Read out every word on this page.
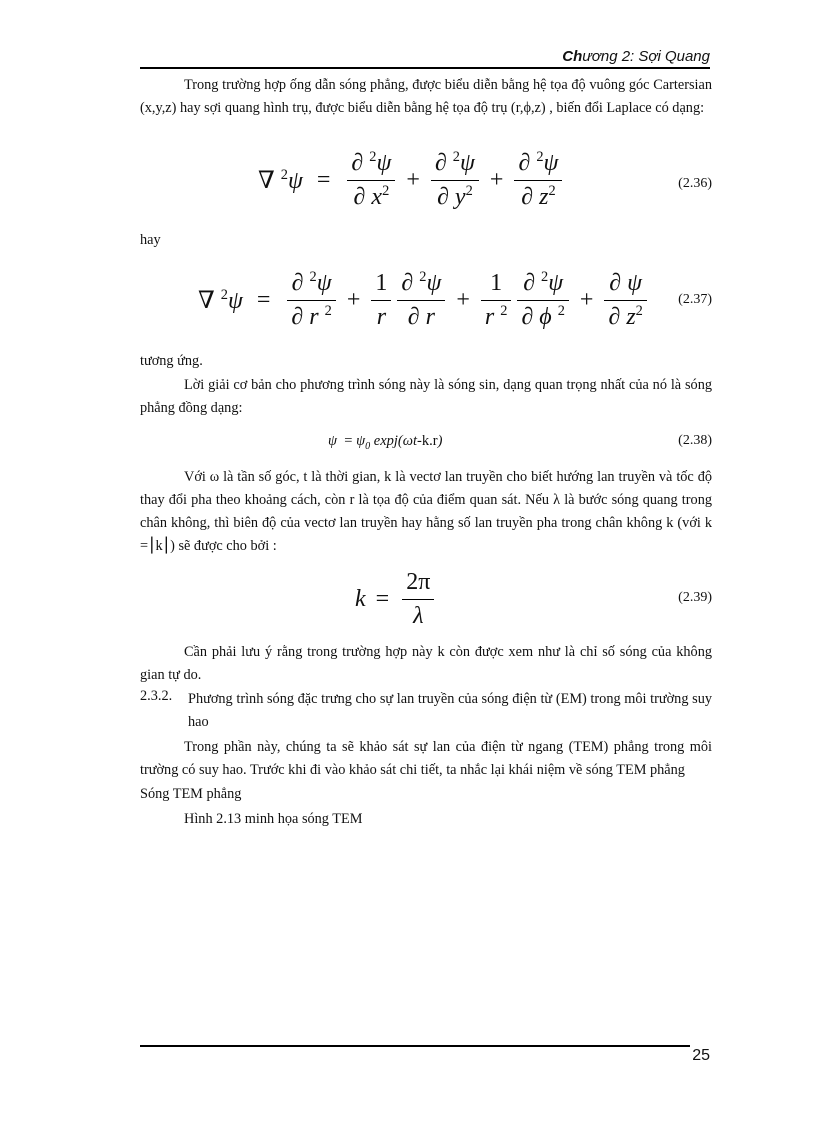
Chương 2: Sợi Quang
Trong trường hợp ống dẫn sóng phẳng, được biểu diễn bằng hệ tọa độ vuông góc Cartersian (x,y,z) hay sợi quang hình trụ, được biểu diễn bằng hệ tọa độ trụ (r,ϕ,z) , biến đổi Laplace có dạng:
∇ $^2\psi = \frac{\partial ^2\psi}{\partial x^2} + \frac{\partial ^2\psi}{\partial y^2} + \frac{\partial ^2\psi}{\partial z^2}$	(2.36)
hay
∇ $^2\psi = \frac{\partial ^2\psi}{\partial r ^2} + \frac{1}{r} \frac{\partial ^2\psi}{\partial r} + \frac{1}{r ^2} \frac{\partial ^2\psi}{\partial \phi ^2} + \frac{\partial \psi}{\partial z^2} (2.37)$
tương ứng.
Lời giải cơ bản cho phương trình sóng này là sóng sin, dạng quan trọng nhất của nó là sóng phẳng đồng dạng:
$\psi = \psi_0$ expj(ωt-k.r)	(2.38)
Với ω là tần số góc, t là thời gian, k là vectơ lan truyền cho biết hướng lan truyền và tốc độ thay đổi pha theo khoảng cách, còn r là tọa độ của điểm quan sát. Nếu λ là bước sóng quang trong chân không, thì biên độ của vectơ lan truyền hay hằng số lan truyền pha trong chân không k (với k =⎮k⎮) sẽ được cho bởi :
$k = \frac{2\pi}{\lambda}$	(2.39)
Cần phải lưu ý rằng trong trường hợp này k còn được xem như là chỉ số sóng của không gian tự do.
2.3.2. Phương trình sóng đặc trưng cho sự lan truyền của sóng điện từ (EM) trong môi trường suy hao
Trong phần này, chúng ta sẽ khảo sát sự lan của điện từ ngang (TEM) phẳng trong môi trường có suy hao. Trước khi đi vào khảo sát chi tiết, ta nhắc lại khái niệm về sóng TEM phẳng
Sóng TEM phẳng
Hình 2.13 minh họa sóng TEM
25
